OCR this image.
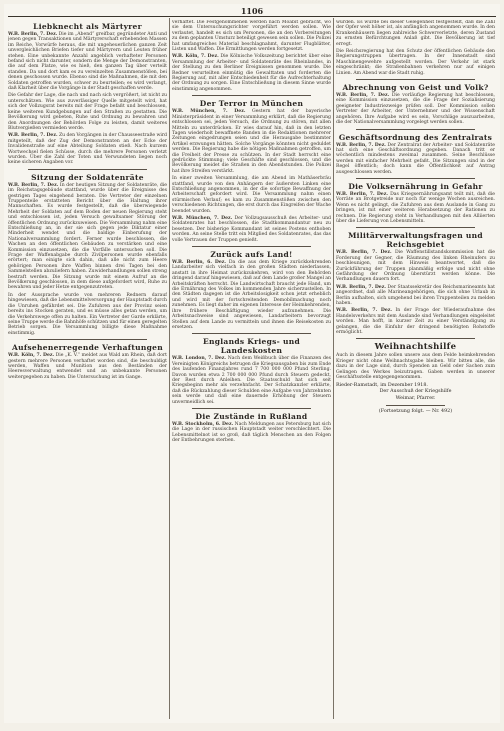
1106
Liebknecht als Märtyrer
W.B. Berlin, 7. Dez. Die im „Abend“ greifbar, gegründeter Anti und jenen gegen Transaktionen und Märtyrerschaft erhebenden Massen im Reiche, Vorwürfe heraus, die mit ungeheuerlichen ganzen Zeit unvergleichlichen Briefen tiefer und Märtyrern und Leuten früher stehen. Eine unbekannte Anzahl angeblich verhafteter Personen befand sich nicht darunter, sondern die Menge der Demonstranten, die auf dem Platze, wie es hieß, den ganzen Tag über verteilt standen. Da und dort kam es zu vereinzelten Zusammenstößen, bei denen geschossen wurde. Ebenso sind die Maßnahmen, die mit den Soldaten getroffen wurden, schwer zu beurteilen; es wird verlangt, daß Klarheit über die Vorgänge in der Stadt geschaffen werde.
Die Gefahr der Lage, die nach und nach sich vergrößert, ist nicht zu unterschätzen. Wie aus zuverlässiger Quelle mitgeteilt wird, hat sich der Vollzugsrat bereits mit der Frage befaßt und beschlossen, keine weiteren Kundgebungen auf den Straßen zu gestatten. Die Bevölkerung wird gebeten, Ruhe und Ordnung zu bewahren und den Anordnungen der Behörden Folge zu leisten, damit weiteres Blutvergießen vermieden werde.
W.B. Berlin, 7. Dez. Zu den Vorgängen in der Chausseestraße wird mitgeteilt, daß der Zug der Demonstranten an der Ecke der Invalidenstraße auf eine Abteilung Soldaten stieß. Nach kurzem Wortwechsel fielen Schüsse, durch die mehrere Personen verletzt wurden. Über die Zahl der Toten und Verwundeten liegen noch keine sicheren Angaben vor.
Sitzung der Soldatenräte
W.B. Berlin, 7. Dez. In der heutigen Sitzung der Soldatenräte, die im Reichstagsgebäude stattfand, wurde über die Ereignisse des gestrigen Tages eingehend beraten. Die Vertreter der einzelnen Truppenteile erstatteten Bericht über die Haltung ihrer Mannschaften. Es wurde festgestellt, daß die überwiegende Mehrheit der Soldaten auf dem Boden der neuen Regierung steht und entschlossen ist, jeden Versuch gewaltsamer Störung der öffentlichen Ordnung zurückzuweisen. Die Versammlung nahm eine Entschließung an, in der sie sich gegen jede Diktatur einer Minderheit wendet und die baldige Einberufung der Nationalversammlung fordert. Ferner wurde beschlossen, die Wachen an den öffentlichen Gebäuden zu verstärken und eine Kommission einzusetzen, die die Vorfälle untersuchen soll. Die Frage der Waffenabgabe durch Zivilpersonen wurde ebenfalls erörtert; man einigte sich dahin, daß alle nicht zum Heere gehörigen Personen ihre Waffen binnen drei Tagen bei den Sammelstellen abzuliefern haben. Zuwiderhandlungen sollen streng bestraft werden. Die Sitzung wurde mit einem Aufruf an die Bevölkerung geschlossen, in dem diese aufgefordert wird, Ruhe zu bewahren und jeder Hetze entgegenzutreten.
In der Aussprache wurde von mehreren Rednern darauf hingewiesen, daß die Lebensmittelversorgung der Hauptstadt durch die Unruhen gefährdet sei. Die Zufuhren aus der Provinz seien bereits ins Stocken geraten, und es müsse alles getan werden, um die Verkehrswege offen zu halten. Ein Vertreter der Garde erklärte, seine Truppe werde die Bahnhöfe schützen und für einen geregelten Betrieb sorgen. Die Versammlung billigte diese Maßnahme einstimmig.
Aufsehenerregende Verhaftungen
W.B. Köln, 7. Dez. Die „K. V.“ meldet aus Wald am Rhein, daß dort gestern mehrere Personen verhaftet worden sind, die beschuldigt werden, Waffen und Munition aus den Beständen der Heeresverwaltung entwendet und an unbekannte Personen weitergegeben zu haben. Die Untersuchung ist im Gange.
verhaftet. Die Festgenommenen werden nach Moabit gebracht, wo sie dem Untersuchungsrichter vorgeführt werden sollen. Wie verlautet, handelt es sich um Personen, die an den Vorbereitungen zu dem geplanten Umsturz beteiligt gewesen sein sollen. Die Polizei hat umfangreiches Material beschlagnahmt, darunter Flugblätter, Listen und Waffen. Die Ermittlungen werden fortgesetzt.
W.B. Köln, 7. Dez. Die Kölnische Volkszeitung berichtet über eine Versammlung der Arbeiter- und Soldatenräte des Rheinlandes, in der Stellung zu den Berliner Ereignissen genommen wurde. Die Redner verurteilten einmütig die Gewalttaten und forderten die Regierung auf, mit aller Entschiedenheit für die Aufrechterhaltung der Ordnung zu sorgen. Eine Entschließung in diesem Sinne wurde einstimmig angenommen.
Der Terror in München
W.B. München, 7. Dez. Gestern hat der bayerische Ministerpräsident in einer Versammlung erklärt, daß die Regierung entschlossen sei, jeden Versuch, die Ordnung zu stören, mit allen Mitteln zu unterdrücken. Er wies darauf hin, daß in den letzten Tagen wiederholt bewaffnete Banden in die Redaktionen mehrerer Zeitungen eingedrungen seien und die Herausgabe bestimmter Artikel erzwungen hätten. Solche Vorgänge könnten nicht geduldet werden. Die Regierung habe die nötigen Maßnahmen getroffen, um die Freiheit der Presse zu schützen. In der Stadt herrscht eine gedrückte Stimmung; viele Geschäfte sind geschlossen, und die Bevölkerung meidet die Straßen in den Abendstunden. Die Polizei hat ihre Streifen verstärkt.
In einer zweiten Versammlung, die am Abend im Mathäserbräu stattfand, wurde von den Anhängern der äußersten Linken eine Entschließung angenommen, in der die sofortige Bewaffnung der Arbeiterschaft gefordert wird. Die Versammlung nahm einen stürmischen Verlauf; es kam zu Zusammenstößen zwischen den verschiedenen Richtungen, die erst durch das Eingreifen der Wache beendet wurden.
W.B. München, 7. Dez. Der Vollzugsausschuß des Arbeiter- und Soldatenrates hat beschlossen, die Stadtkommandantur neu zu besetzen. Der bisherige Kommandant ist seines Postens enthoben worden. An seine Stelle tritt ein Mitglied des Soldatenrates, das das volle Vertrauen der Truppen genießt.
Zurück aufs Land!
W.B. Berlin, 6. Dez. Da die aus dem Kriege zurückkehrenden Landarbeiter sich vielfach in den großen Städten niederlassen, anstatt in ihre Heimat zurückzukehren, wird von den Behörden dringend darauf hingewiesen, daß auf dem Lande großer Mangel an Arbeitskräften herrscht. Die Landwirtschaft braucht jede Hand, um die Ernährung des Volkes im kommenden Jahre sicherzustellen. In den Städten dagegen ist die Arbeitslosigkeit schon jetzt erheblich und wird mit der fortschreitenden Demobilmachung noch zunehmen. Es liegt daher im eigenen Interesse der Heimkehrenden, ihre frühere Beschäftigung wieder aufzunehmen. Die Arbeitsnachweise sind angewiesen, Landarbeitern bevorzugt Stellen auf dem Lande zu vermitteln und ihnen die Reisekosten zu ersetzen.
Englands Kriegs- und Landeskosten
W.B. London, 7. Dez. Nach dem Weißbuch über die Finanzen des Vereinigten Königreichs betrugen die Kriegsausgaben bis zum Ende des laufenden Finanzjahres rund 7 700 000 000 Pfund Sterling. Davon wurden etwa 2 700 000 000 Pfund durch Steuern gedeckt, der Rest durch Anleihen. Die Staatsschuld hat sich seit Kriegsbeginn mehr als verzehnfacht. Der Schatzkanzler erklärte, daß die Rückzahlung dieser Schulden eine Aufgabe von Jahrzehnten sein werde und daß eine dauernde Erhöhung der Steuern unvermeidlich sei.
Die Zustände in Rußland
W.B. Stockholm, 6. Dez. Nach Meldungen aus Petersburg hat sich die Lage in der russischen Hauptstadt weiter verschlechtert. Die Lebensmittelnot ist so groß, daß täglich Menschen an den Folgen der Entbehrungen sterben.
wurden. Es wurde bei dieser Gelegenheit festgestellt, daß die Zahl der Opfer weit höher ist, als anfänglich angenommen wurde. In den Krankenhäusern liegen zahlreiche Schwerverletzte, deren Zustand zu ernsten Befürchtungen Anlaß gibt. Die Bevölkerung ist tief erregt.
Die Reichsregierung hat den Schutz der öffentlichen Gebäude den Regierungstruppen übertragen. In der Innenstadt sind Maschinengewehre aufgestellt worden. Der Verkehr ist stark eingeschränkt; die Straßenbahnen verkehren nur auf einigen Linien. Am Abend war die Stadt ruhig.
Abrechnung von Geist und Volk?
W.B. Berlin, 7. Dez. Die vorläufige Regierung hat beschlossen, eine Kommission einzusetzen, die die Frage der Sozialisierung geeigneter Industriezweige prüfen soll. Der Kommission sollen Vertreter der Arbeiter, der Unternehmer und der Wissenschaft angehören. Ihre Aufgabe wird es sein, Vorschläge auszuarbeiten, die der Nationalversammlung vorgelegt werden sollen.
Geschäftsordnung des Zentralrats
W.B. Berlin, 7. Dez. Der Zentralrat der Arbeiter- und Soldatenräte hat sich eine Geschäftsordnung gegeben. Danach tritt er wöchentlich mindestens zweimal zusammen. Seine Beschlüsse werden mit einfacher Mehrheit gefaßt. Die Sitzungen sind in der Regel öffentlich; doch kann die Öffentlichkeit auf Antrag ausgeschlossen werden.
Die Volksernährung in Gefahr
W.B. Berlin, 7. Dez. Das Kriegsernährungsamt teilt mit, daß die Vorräte an Brotgetreide nur noch für wenige Wochen ausreichen. Wenn es nicht gelingt, die Zufuhren aus dem Auslande in Gang zu bringen, ist mit einer weiteren Herabsetzung der Rationen zu rechnen. Die Regierung steht in Verhandlungen mit den Alliierten über die Lieferung von Lebensmitteln.
Militärverwaltungsfragen und Reichsgebiet
W.B. Berlin, 7. Dez. Die Waffenstillstandskommission hat die Forderung der Gegner, die Räumung des linken Rheinufers zu beschleunigen, mit dem Hinweis beantwortet, daß die Zurückführung der Truppen planmäßig erfolge und nicht ohne Gefährdung der Ordnung überstürzt werden könne. Die Verhandlungen dauern fort.
W.B. Berlin, 7. Dez. Der Staatssekretär des Reichsmarineamts hat angeordnet, daß alle Marineangehörigen, die sich ohne Urlaub in Berlin aufhalten, sich umgehend bei ihren Truppenteilen zu melden haben.
W.B. Berlin, 7. Dez. In der Frage der Wiederaufnahme des Handelsverkehrs mit dem Auslande sind Verhandlungen eingeleitet worden. Man hofft, in kurzer Zeit zu einer Verständigung zu gelangen, die die Einfuhr der dringend benötigten Rohstoffe ermöglicht.
Weihnachtshilfe
Auch in diesem Jahre sollen unsere aus dem Felde heimkehrenden Krieger nicht ohne Weihnachtsgabe bleiben. Wir bitten alle, die dazu in der Lage sind, durch Spenden an Geld oder Sachen zum Gelingen des Werkes beizutragen. Gaben werden in unserer Geschäftsstelle entgegengenommen.
Rieder-Ramstadt, im Dezember 1918.
Der Ausschuß der Kriegshilfe
Weimar, Pfarrer.
(Fortsetzung folgt. — Nr. 492)
